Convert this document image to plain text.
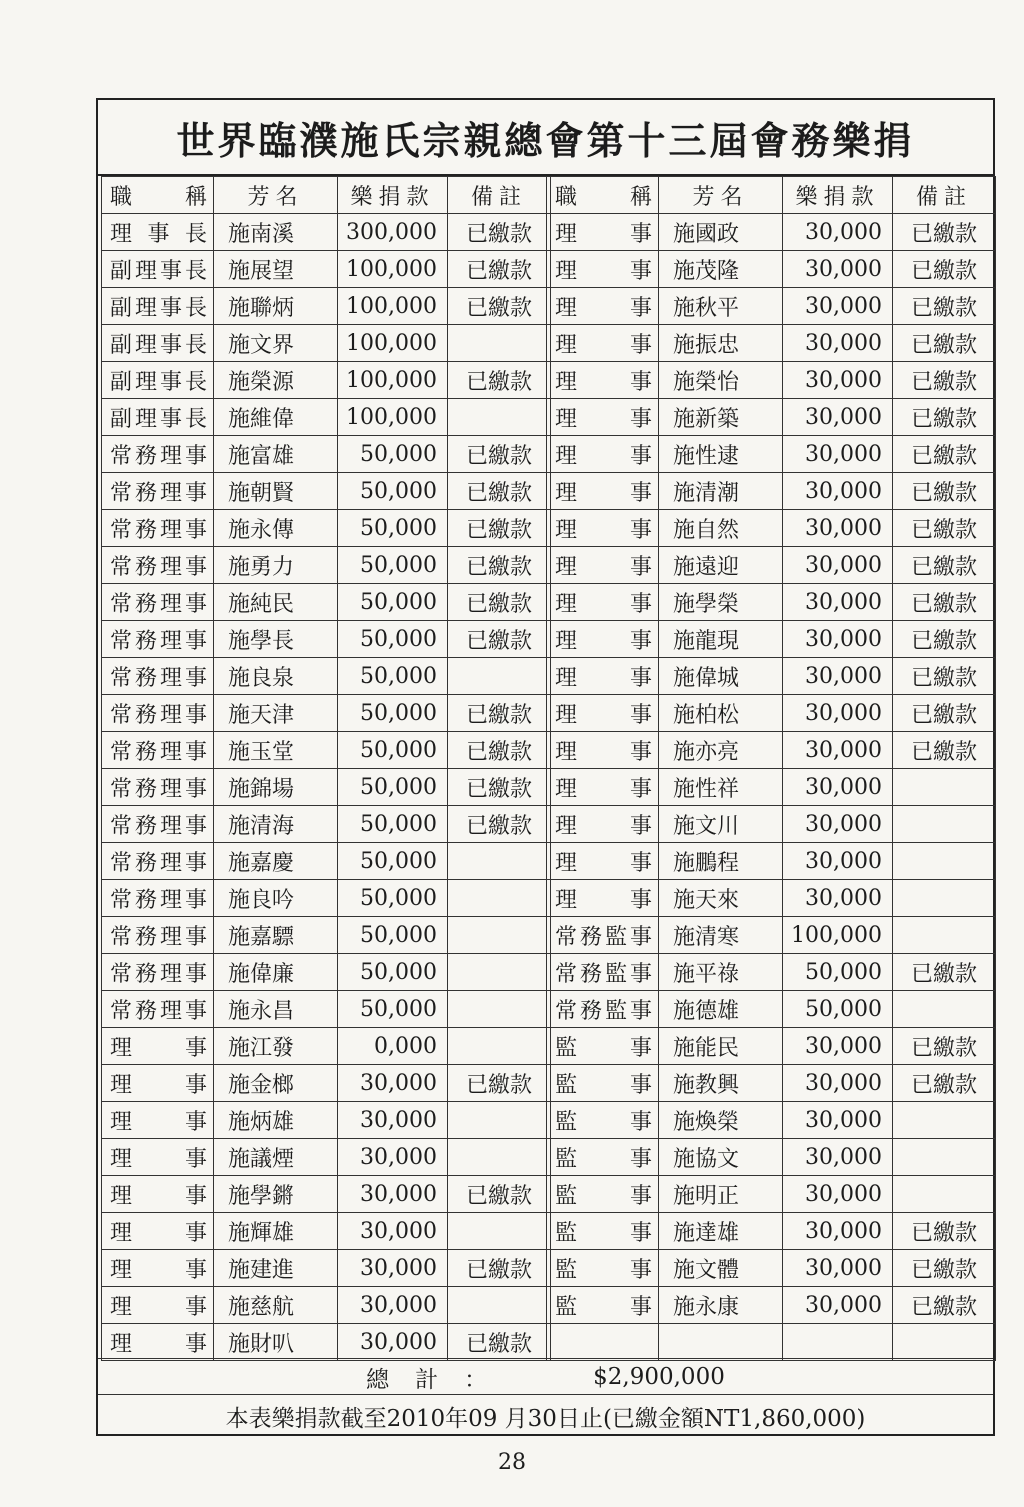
世界臨濮施氏宗親總會第十三屆會務樂捐
職 稱	芳名	樂捐款	備註

理 事 長	施南溪	300,000	已繳款

副 理 事 長	施展望	100,000	已繳款

副 理 事 長	施聯炳	100,000	已繳款

副 理 事 長	施文界	100,000	

副 理 事 長	施榮源	100,000	已繳款

副 理 事 長	施維偉	100,000	

常 務 理 事	施富雄	50,000	已繳款

常 務 理 事	施朝賢	50,000	已繳款

常 務 理 事	施永傳	50,000	已繳款

常 務 理 事	施勇力	50,000	已繳款

常 務 理 事	施純民	50,000	已繳款

常 務 理 事	施學長	50,000	已繳款

常 務 理 事	施良泉	50,000	

常 務 理 事	施天津	50,000	已繳款

常 務 理 事	施玉堂	50,000	已繳款

常 務 理 事	施錦場	50,000	已繳款

常 務 理 事	施清海	50,000	已繳款

常 務 理 事	施嘉慶	50,000	

常 務 理 事	施良吟	50,000	

常 務 理 事	施嘉驃	50,000	

常 務 理 事	施偉廉	50,000	

常 務 理 事	施永昌	50,000	

理 事	施江發	0,000	

理 事	施金榔	30,000	已繳款

理 事	施炳雄	30,000	

理 事	施議煙	30,000	

理 事	施學鏘	30,000	已繳款

理 事	施輝雄	30,000	

理 事	施建進	30,000	已繳款

理 事	施慈航	30,000	

理 事	施財叭	30,000	已繳款
職 稱	芳名	樂捐款	備註

理 事	施國政	30,000	已繳款

理 事	施茂隆	30,000	已繳款

理 事	施秋平	30,000	已繳款

理 事	施振忠	30,000	已繳款

理 事	施榮怡	30,000	已繳款

理 事	施新築	30,000	已繳款

理 事	施性逮	30,000	已繳款

理 事	施清潮	30,000	已繳款

理 事	施自然	30,000	已繳款

理 事	施遠迎	30,000	已繳款

理 事	施學榮	30,000	已繳款

理 事	施龍現	30,000	已繳款

理 事	施偉城	30,000	已繳款

理 事	施柏松	30,000	已繳款

理 事	施亦亮	30,000	已繳款

理 事	施性祥	30,000	

理 事	施文川	30,000	

理 事	施鵬程	30,000	

理 事	施天來	30,000	

常 務 監 事	施清寒	100,000	

常 務 監 事	施平祿	50,000	已繳款

常 務 監 事	施德雄	50,000	

監 事	施能民	30,000	已繳款

監 事	施教興	30,000	已繳款

監 事	施煥榮	30,000	

監 事	施協文	30,000	

監 事	施明正	30,000	

監 事	施達雄	30,000	已繳款

監 事	施文體	30,000	已繳款

監 事	施永康	30,000	已繳款

總計：	$2,900,000
本表樂捐款截至2010年09 月30日止(已繳金額NT1,860,000)
28
